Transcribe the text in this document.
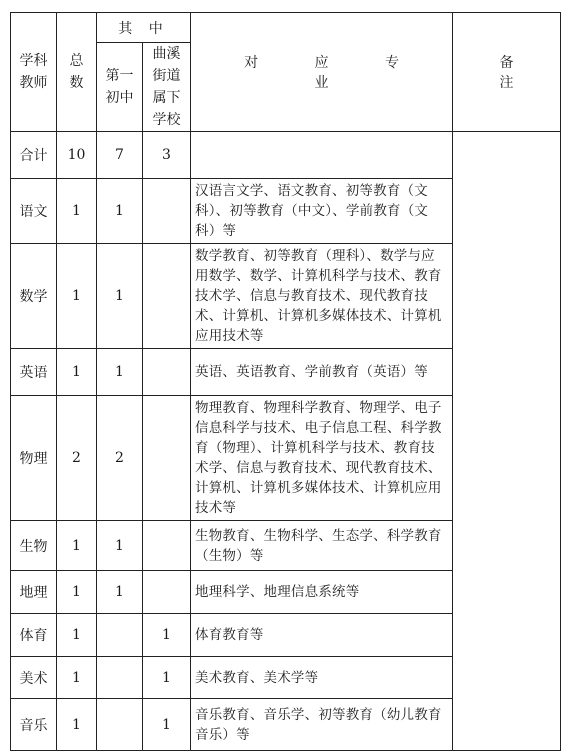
学科教师	总数	其 中		对 应 专 业	备 注
		第一初中	曲溪街道属下学校		
合计	10	7	3		
语文	1	1		汉语言文学、语文教育、初等教育（文科）、初等教育（中文）、学前教育（文科）等	
数学	1	1		数学教育、初等教育（理科）、数学与应用数学、数学、计算机科学与技术、教育技术学、信息与教育技术、现代教育技术、计算机、计算机多媒体技术、计算机应用技术等	
英语	1	1		英语、英语教育、学前教育（英语）等	
物理	2	2		物理教育、物理科学教育、物理学、电子信息科学与技术、电子信息工程、科学教育（物理）、计算机科学与技术、教育技术学、信息与教育技术、现代教育技术、计算机、计算机多媒体技术、计算机应用技术等	
生物	1	1		生物教育、生物科学、生态学、科学教育（生物）等	
地理	1	1		地理科学、地理信息系统等	
体育	1		1	体育教育等	
美术	1		1	美术教育、美术学等	
音乐	1		1	音乐教育、音乐学、初等教育（幼儿教育音乐）等	
